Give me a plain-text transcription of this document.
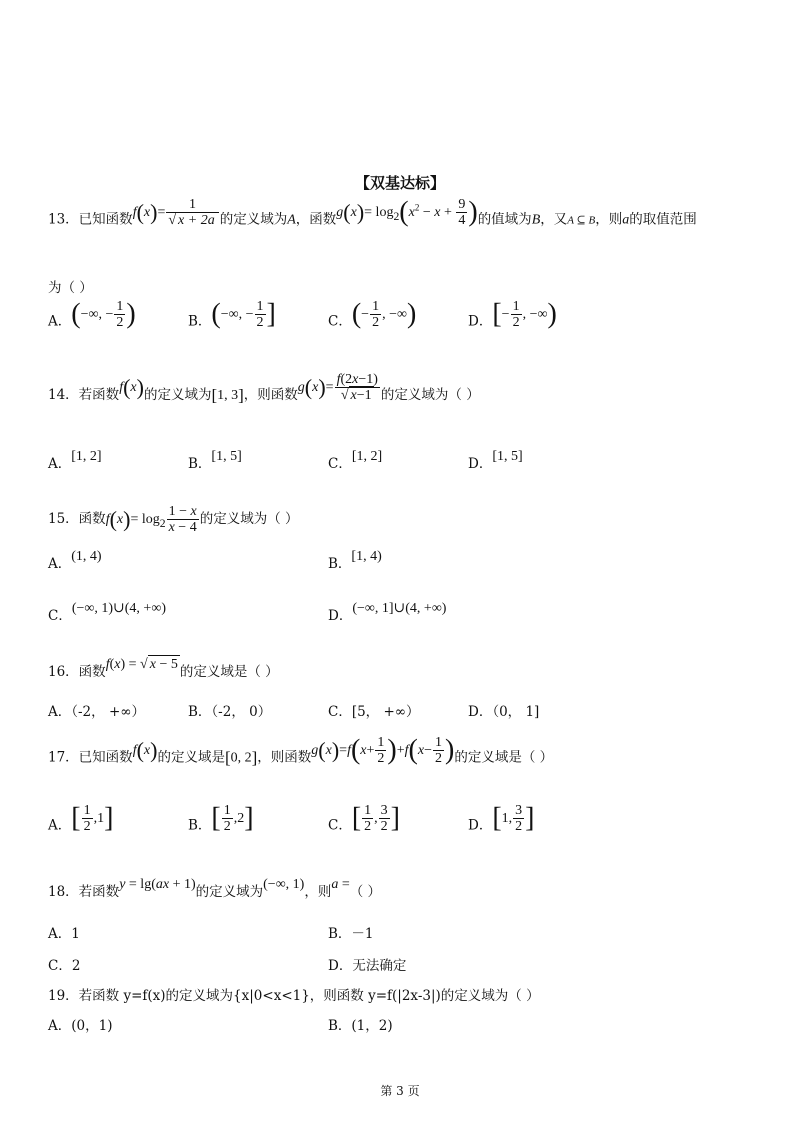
【双基达标】
13．已知函数$f(x)= \frac{1}{√ x + 2a}$ 的定义域为A，函数$g(x)= \log_2(x^2 - x + \frac{9}{4}$ )的值域为B，又A ⊆ B，则a的取值范围
为（ ）
A．(−∞, − $\frac{1}{2}$ )	B．(−∞, − $\frac{1}{2}$ ]	C．(− $\frac{1}{2}$ , −∞)	D．[− $\frac{1}{2}$ , −∞)
14．若函数f(x)的定义域为[1, 3]，则函数$g(x)= \frac{f(2x-1)}{√ x-1}$ 的定义域为（ ）
A．[1, 2]	B．[1, 5]	C．[1, 2]	D．[1, 5]
15．函数$f(x)= \log_2 \frac{1 - x}{x - 4}$ 的定义域为（ ）
A．(1, 4)	B．[1, 4)
C．(−∞, 1)∪(4, +∞)	D．(−∞, 1]∪(4, +∞)
16．函数f(x) = √ x − 5 的定义域是（ ）
A．（-2， +∞）	B．（-2， 0）	C．[5， +∞）	D．（0， 1]
17．已知函数f(x)的定义域是[0, 2]，则函数$g(x)=f(x+ \frac{1}{2} )+f(x- \frac{1}{2}$ )的定义域是（ ）
A．[ $\frac{1}{2} ,1$]	B．[ $\frac{1}{2} ,2$]	C．[ $\frac{1}{2}$ , $\frac{3}{2}$ ]	D．[1, $\frac{3}{2}$ ]
18．若函数y = lg(ax + 1)的定义域为(−∞, 1)，则a =（ ）
A．1	B．－1
C．2	D．无法确定
19．若函数 y=f(x)的定义域为{x|0<x<1}，则函数 y=f(|2x-3|)的定义域为（ ）
A．(0，1)	B．(1，2)
第 3 页
